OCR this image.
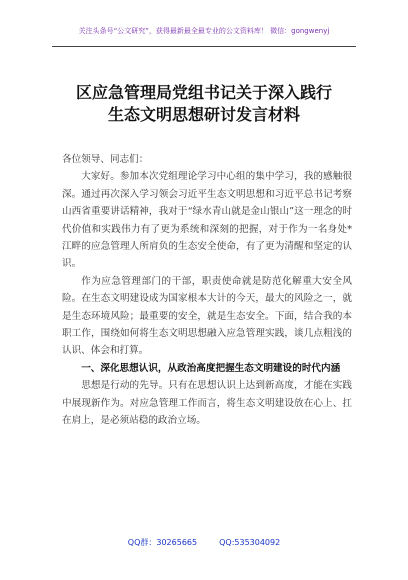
关注头条号“公文研究”，获得最新最全最专业的公文资料库！ 微信：gongwenyj
区应急管理局党组书记关于深入践行
生态文明思想研讨发言材料

各位领导、同志们：

大家好。参加本次党组理论学习中心组的集中学习，我的感触很深。通过再次深入学习领会习近平生态文明思想和习近平总书记考察山西省重要讲话精神，我对于“绿水青山就是金山银山”这一理念的时代价值和实践伟力有了更为系统和深刻的把握，对于作为一名身处*江畔的应急管理人所肩负的生态安全使命，有了更为清醒和坚定的认识。

作为应急管理部门的干部，职责使命就是防范化解重大安全风险。在生态文明建设成为国家根本大计的今天，最大的风险之一，就是生态环境风险；最重要的安全，就是生态安全。下面，结合我的本职工作，围绕如何将生态文明思想融入应急管理实践，谈几点粗浅的认识、体会和打算。

一、深化思想认识，从政治高度把握生态文明建设的时代内涵

思想是行动的先导。只有在思想认识上达到新高度，才能在实践中展现新作为。对应急管理工作而言，将生态文明建设放在心上、扛在肩上，是必须站稳的政治立场。

QQ群：30265665	QQ:535304092
